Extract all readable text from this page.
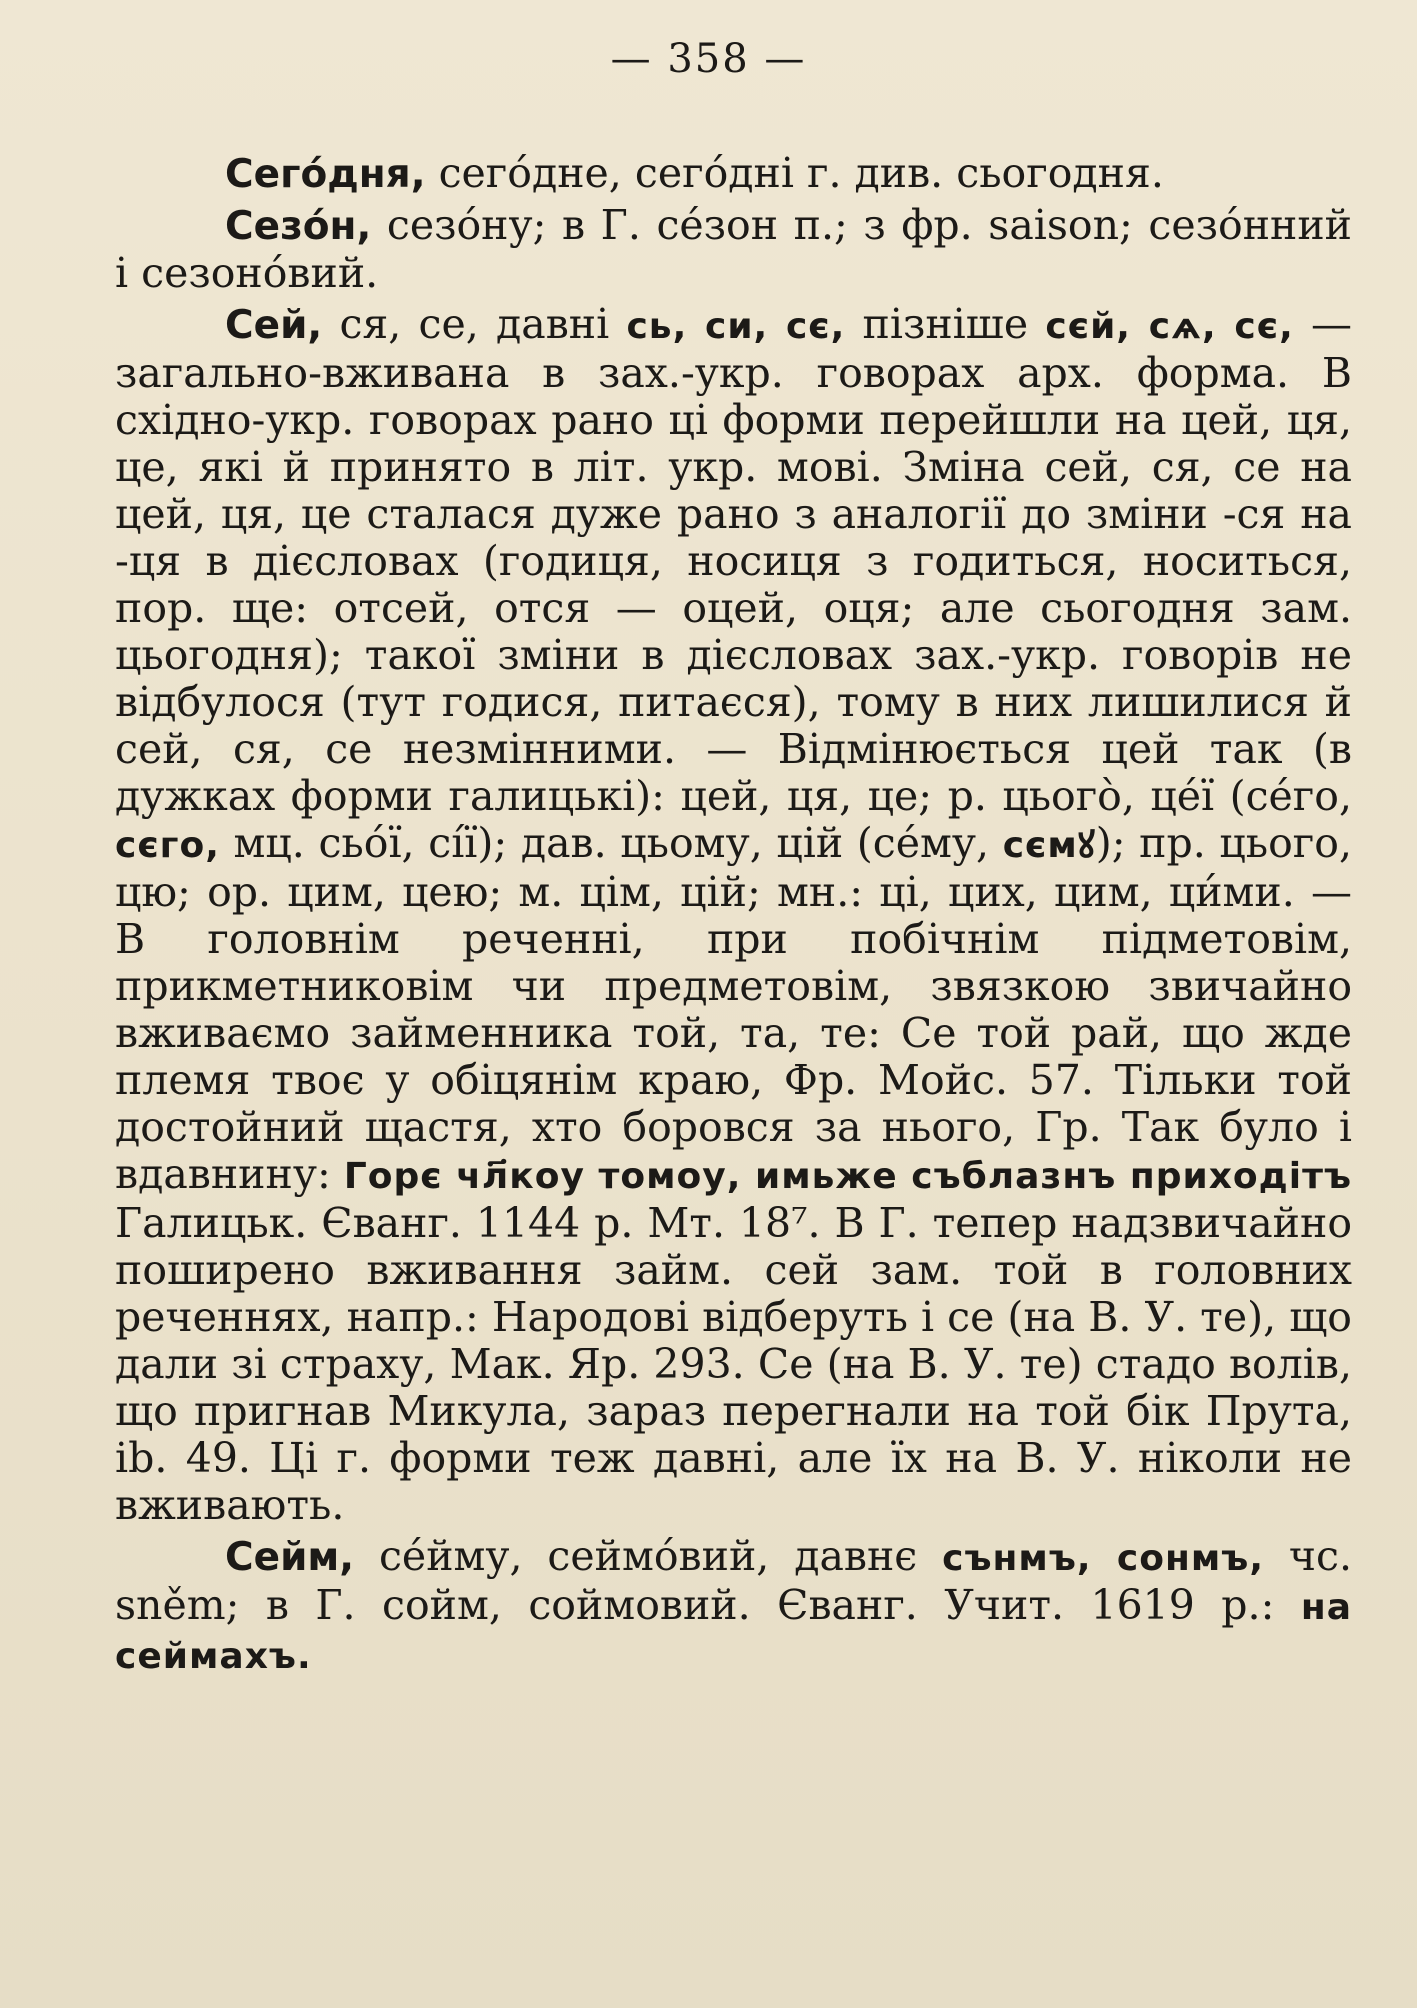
— 358 —

Сего́дня, сего́дне, сего́дні г. див. сьогодня.

Сезо́н, сезо́ну; в Г. се́зон п.; з фр. saison; сезо́нний і сезоно́вий.

Сей, ся, се, давні сь, си, сє, пізніше сєй, сѧ, сє, — загально-вживана в зах.-укр. говорах арх. форма. В східно-укр. говорах рано ці форми перейшли на цей, ця, це, які й принято в літ. укр. мові. Зміна сей, ся, се на цей, ця, це сталася дуже рано з аналогії до зміни -ся на -ця в дієсловах (годиця, носиця з годиться, носиться, пор. ще: отсей, отся — оцей, оця; але сьогодня зам. цьогодня); такої зміни в дієсловах зах.-укр. говорів не відбулося (тут годися, питаєся), тому в них лишилися й сей, ся, се незмінними. — Відмінюється цей так (в дужках форми галицькі): цей, ця, це; р. цього̀, це́ї (се́го, сєго, мц. сьо́ї, сі́ї); дав. цьому, цій (се́му, сємꙋ); пр. цього, цю; ор. цим, цею; м. цім, цій; мн.: ці, цих, цим, ци́ми. — В головнім реченні, при побічнім підметовім, прикметниковім чи предметовім, звязкою звичайно вживаємо займенника той, та, те: Се той рай, що жде племя твоє у обіцянім краю, Фр. Мойс. 57. Тільки той достойний щастя, хто боровся за нього, Гр. Так було і вдавнину: Горє чл҃коу томоу, имьже съблазнъ приходітъ Галицьк. Єванг. 1144 р. Мт. 18⁷. В Г. тепер надзвичайно поширено вживання займ. сей зам. той в головних реченнях, напр.: Народові відберуть і се (на В. У. те), що дали зі страху, Мак. Яр. 293. Се (на В. У. те) стадо волів, що пригнав Микула, зараз перегнали на той бік Прута, ib. 49. Ці г. форми теж давні, але їх на В. У. ніколи не вживають.

Сейм, се́йму, сеймо́вий, давнє сънмъ, сонмъ, чс. sněm; в Г. сойм, соймовий. Єванг. Учит. 1619 р.: на сеймахъ.
